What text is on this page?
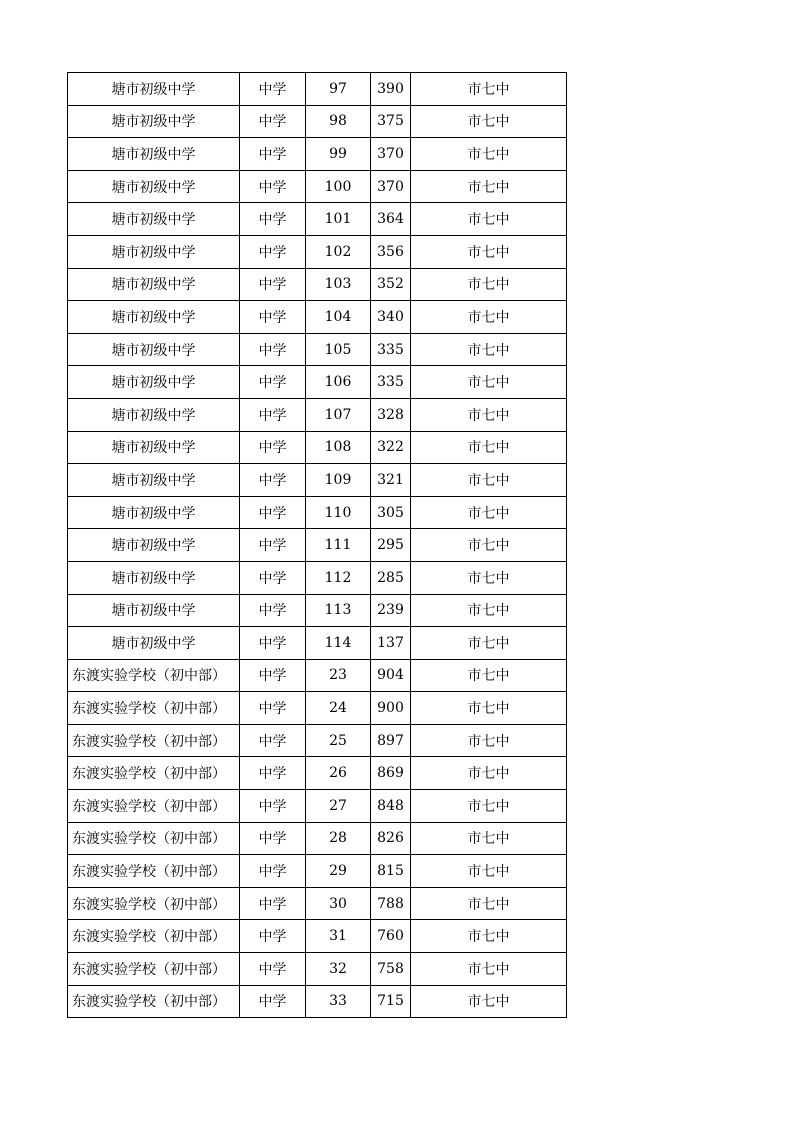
塘市初级中学	中学	97	390	市七中
塘市初级中学	中学	98	375	市七中
塘市初级中学	中学	99	370	市七中
塘市初级中学	中学	100	370	市七中
塘市初级中学	中学	101	364	市七中
塘市初级中学	中学	102	356	市七中
塘市初级中学	中学	103	352	市七中
塘市初级中学	中学	104	340	市七中
塘市初级中学	中学	105	335	市七中
塘市初级中学	中学	106	335	市七中
塘市初级中学	中学	107	328	市七中
塘市初级中学	中学	108	322	市七中
塘市初级中学	中学	109	321	市七中
塘市初级中学	中学	110	305	市七中
塘市初级中学	中学	111	295	市七中
塘市初级中学	中学	112	285	市七中
塘市初级中学	中学	113	239	市七中
塘市初级中学	中学	114	137	市七中
东渡实验学校（初中部）	中学	23	904	市七中
东渡实验学校（初中部）	中学	24	900	市七中
东渡实验学校（初中部）	中学	25	897	市七中
东渡实验学校（初中部）	中学	26	869	市七中
东渡实验学校（初中部）	中学	27	848	市七中
东渡实验学校（初中部）	中学	28	826	市七中
东渡实验学校（初中部）	中学	29	815	市七中
东渡实验学校（初中部）	中学	30	788	市七中
东渡实验学校（初中部）	中学	31	760	市七中
东渡实验学校（初中部）	中学	32	758	市七中
东渡实验学校（初中部）	中学	33	715	市七中
